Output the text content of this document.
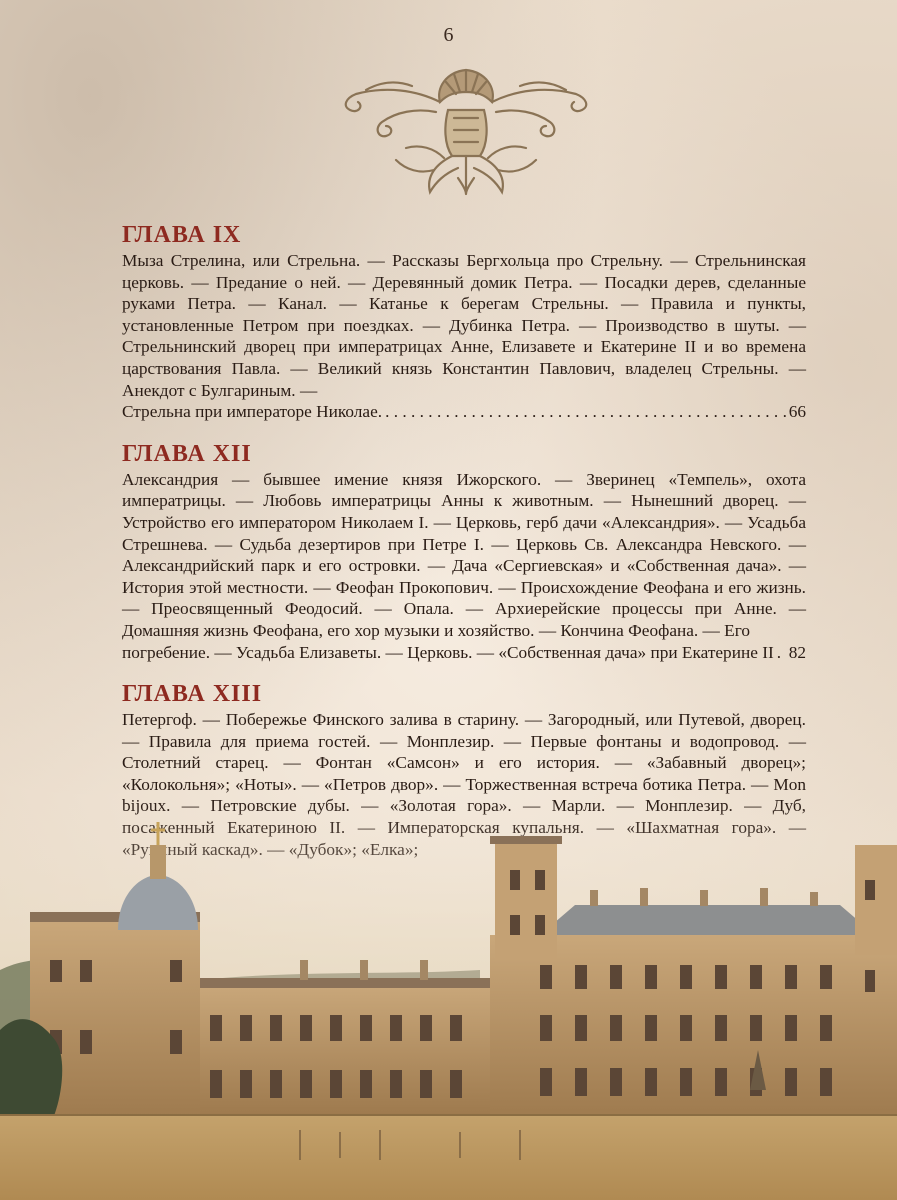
6
ГЛАВА IX

Мыза Стрелина, или Стрельна. — Рассказы Бергхольца про Стрельну. — Стрельнинская церковь. — Предание о ней. — Деревянный домик Петра. — Посадки дерев, сделанные руками Петра. — Канал. — Катанье к берегам Стрельны. — Правила и пункты, установленные Петром при поездках. — Дубинка Петра. — Производство в шуты. — Стрельнинский дворец при императрицах Анне, Елизавете и Екатерине II и во времена царствования Павла. — Великий князь Константин Павлович, владелец Стрельны. — Анекдот с Булгариным. —

Стрельна при императоре Николае. . . .	66
ГЛАВА XII

Александрия — бывшее имение князя Ижорского. — Зверинец «Темпель», охота императрицы. — Любовь императрицы Анны к животным. — Нынешний дворец. — Устройство его императором Николаем I. — Церковь, герб дачи «Александрия». — Усадьба Стрешнева. — Судьба дезертиров при Петре I. — Церковь Св. Александра Невского. — Александрийский парк и его островки. — Дача «Сергиевская» и «Собственная дача». — История этой местности. — Феофан Прокопович. — Происхождение Феофана и его жизнь. — Преосвященный Феодосий. — Опала. — Архиерейские процессы при Анне. — Домашняя жизнь Феофана, его хор музыки и хозяйство. — Кончина Феофана. — Его

погребение. — Усадьба Елизаветы. — Церковь. — «Собственная дача» при Екатерине II . . . 82
ГЛАВА XIII

Петергоф. — Побережье Финского залива в старину. — Загородный, или Путевой, дворец. — Правила для приема гостей. — Монплезир. — Первые фонтаны и водопровод. — Столетний старец. — Фонтан «Самсон» и его история. — «Забавный дворец»; «Колокольня»; «Ноты». — «Петров двор». — Торжественная встреча ботика Петра. — Mon
